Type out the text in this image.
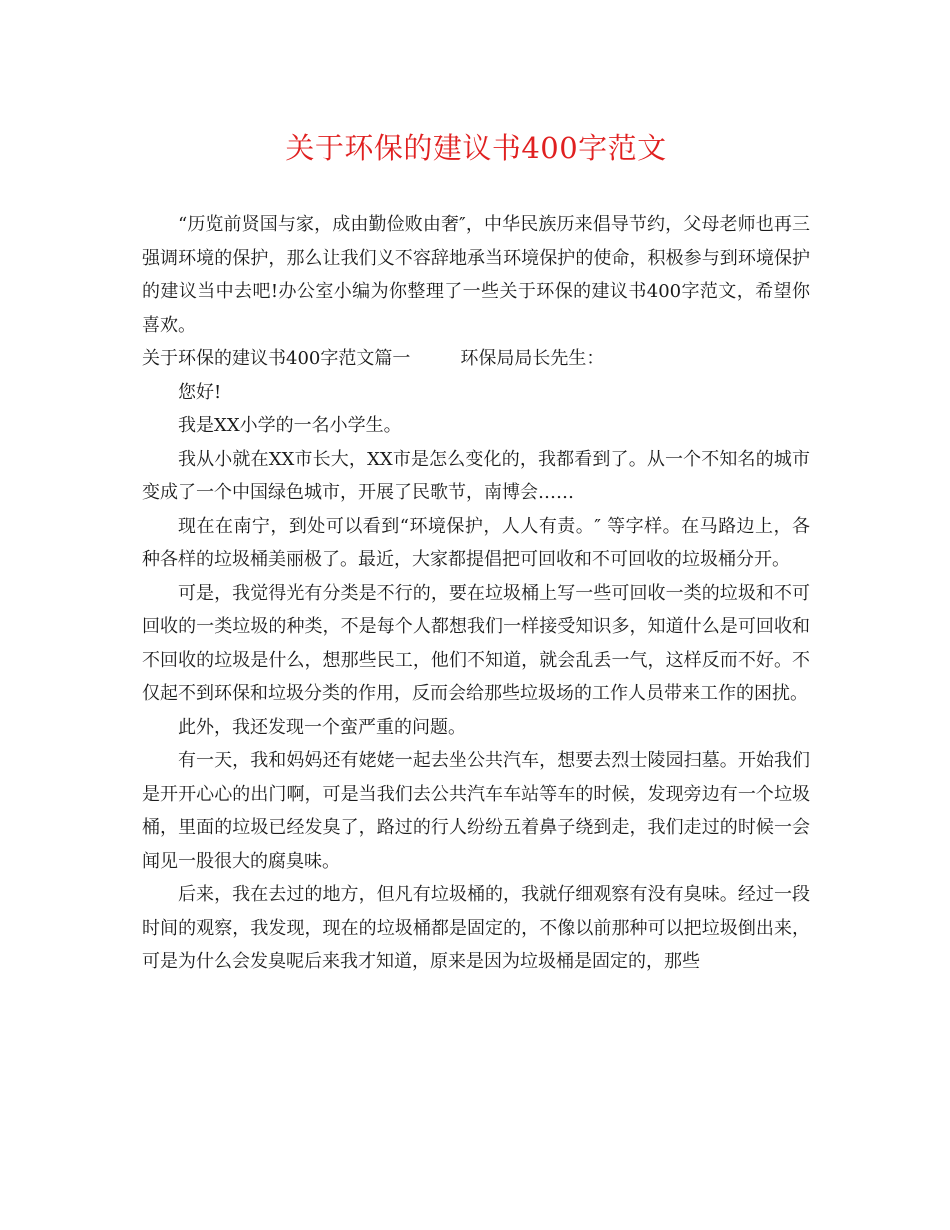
关于环保的建议书400字范文

“历览前贤国与家，成由勤俭败由奢″，中华民族历来倡导节约，父母老师也再三强调环境的保护，那么让我们义不容辞地承当环境保护的使命，积极参与到环境保护的建议当中去吧!办公室小编为你整理了一些关于环保的建议书400字范文，希望你喜欢。

关于环保的建议书400字范文篇一	环保局局长先生：

您好!

我是XX小学的一名小学生。

我从小就在XX市长大，XX市是怎么变化的，我都看到了。从一个不知名的城市变成了一个中国绿色城市，开展了民歌节，南博会……

现在在南宁，到处可以看到“环境保护，人人有责。″ 等字样。在马路边上，各种各样的垃圾桶美丽极了。最近，大家都提倡把可回收和不可回收的垃圾桶分开。

可是，我觉得光有分类是不行的，要在垃圾桶上写一些可回收一类的垃圾和不可回收的一类垃圾的种类，不是每个人都想我们一样接受知识多，知道什么是可回收和不回收的垃圾是什么，想那些民工，他们不知道，就会乱丢一气，这样反而不好。不仅起不到环保和垃圾分类的作用，反而会给那些垃圾场的工作人员带来工作的困扰。

此外，我还发现一个蛮严重的问题。

有一天，我和妈妈还有姥姥一起去坐公共汽车，想要去烈士陵园扫墓。开始我们是开开心心的出门啊，可是当我们去公共汽车车站等车的时候，发现旁边有一个垃圾桶，里面的垃圾已经发臭了，路过的行人纷纷五着鼻子绕到走，我们走过的时候一会闻见一股很大的腐臭味。

后来，我在去过的地方，但凡有垃圾桶的，我就仔细观察有没有臭味。经过一段时间的观察，我发现，现在的垃圾桶都是固定的，不像以前那种可以把垃圾倒出来，可是为什么会发臭呢后来我才知道，原来是因为垃圾桶是固定的，那些
